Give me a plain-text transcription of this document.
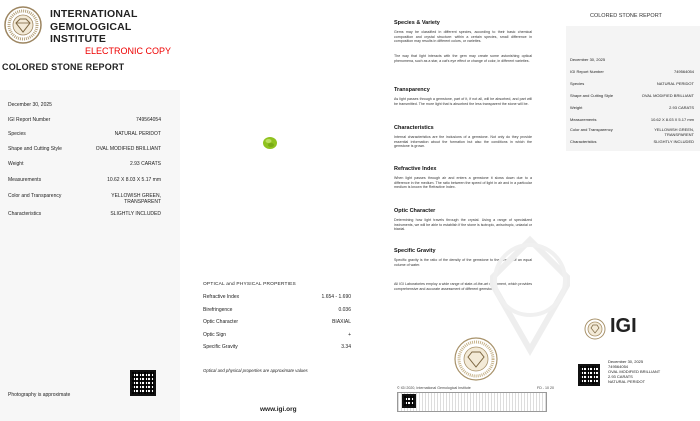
INTERNATIONAL
GEMOLOGICAL
INSTITUTE
ELECTRONIC COPY
COLORED STONE REPORT
December 30, 2025
IGI Report Number	749564054
Species	NATURAL PERIDOT
Shape and Cutting Style	OVAL MODIFIED BRILLIANT
Weight	2.93 CARATS
Measurements	10.62 X 8.03 X 5.17 mm
Color and Transparency	YELLOWISH GREEN,
TRANSPARENT
Characteristics	SLIGHTLY INCLUDED
Photography is approximate
OPTICAL and PHYSICAL PROPERTIES
Refractive Index	1.654 - 1.690
Birefringence	0.036
Optic Character	BIAXIAL
Optic Sign	+
Specific Gravity	3.34
Optical and physical properties are approximate values
www.igi.org
Species & Variety
Gems may be classified in different species, according to their basic chemical composition and crystal structure: within a certain species, small difference in composition may results in different colors, or varieties.
The way that light interacts with the gem may create some astonishing optical phenomena, such as a star, a cat's eye effect or change of color, in different varieties.
Transparency
As light passes through a gemstone, part of it, if not all, will be absorbed, and part will be transmitted. The more light that is absorbed the less transparent the stone will be.
Characteristics
Internal characteristics are the inclusions of a gemstone. Not only do they provide essential information about the formation but also the conditions in which the gemstone is grown.
Refractive Index
When light passes through air and enters a gemstone it slows down due to a difference in the medium. The ratio between the speed of light in air and in a particular medium is known the Refractive Index.
Optic Character
Determining how light travels through the crystal. Using a range of specialized instruments, we will be able to establish if the stone is isotropic, anisotropic, uniaxial or biaxial.
Specific Gravity
Specific gravity is the ratio of the density of the gemstone to the density of an equal volume of water.
All IGI Laboratories employ a wide range of state-of-the-art equipment, which provides comprehensive and accurate assessment of different gemstones.
© IGI 2020, International Gemological Institute	FD - 10 20
COLORED STONE REPORT
December 30, 2025
IGI Report Number	749564054
Species	NATURAL PERIDOT
Shape and Cutting Style	OVAL MODIFIED BRILLIANT
Weight	2.93 CARATS
Measurements	10.62 X 8.03 X 5.17 mm
Color and Transparency	YELLOWISH GREEN,
TRANSPARENT
Characteristics	SLIGHTLY INCLUDED
IGI
December 30, 2025
749564054
OVAL MODIFIED BRILLIANT
2.93 CARATS
NATURAL PERIDOT
